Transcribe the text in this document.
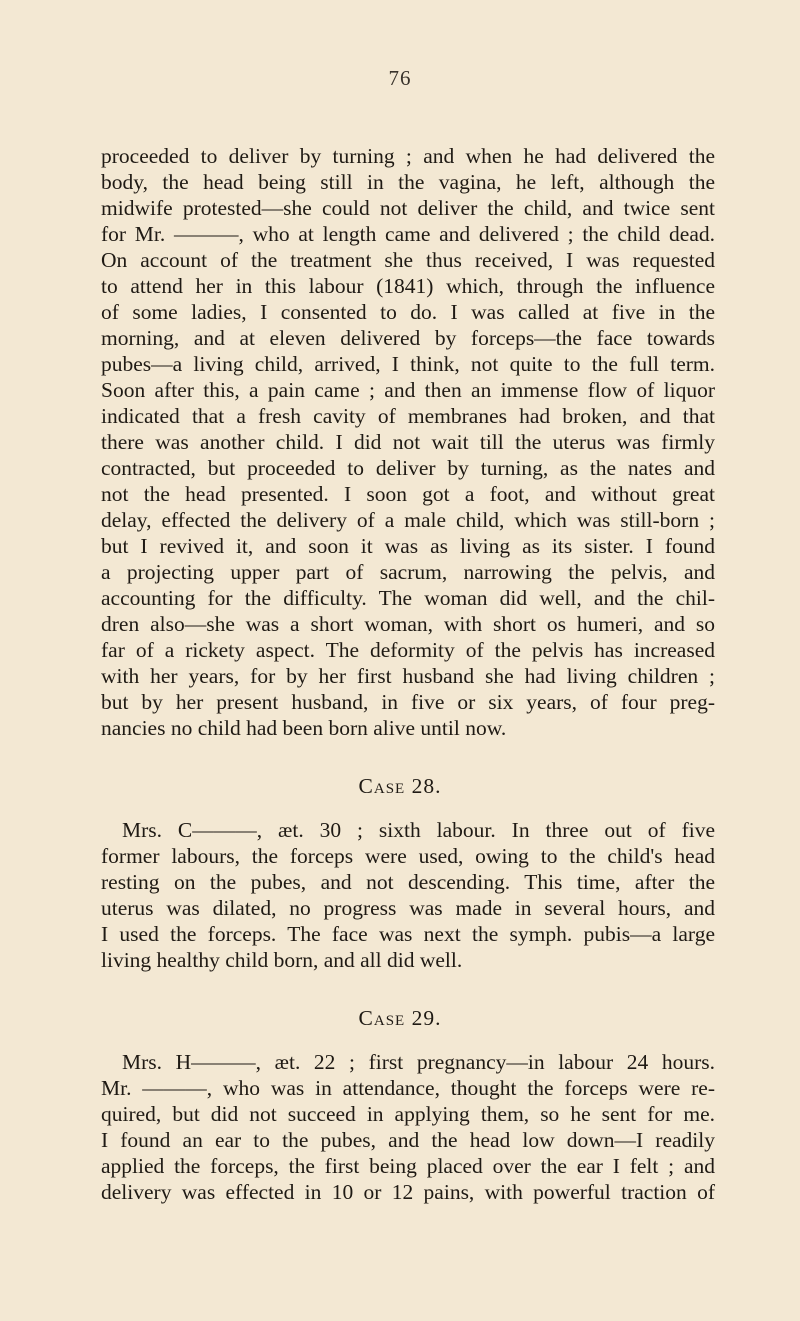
76
proceeded to deliver by turning ; and when he had delivered the
body, the head being still in the vagina, he left, although the
midwife protested—she could not deliver the child, and twice sent
for Mr. ———, who at length came and delivered ; the child dead.
On account of the treatment she thus received, I was requested
to attend her in this labour (1841) which, through the influence
of some ladies, I consented to do. I was called at five in the
morning, and at eleven delivered by forceps—the face towards
pubes—a living child, arrived, I think, not quite to the full term.
Soon after this, a pain came ; and then an immense flow of liquor
indicated that a fresh cavity of membranes had broken, and that
there was another child. I did not wait till the uterus was firmly
contracted, but proceeded to deliver by turning, as the nates and
not the head presented. I soon got a foot, and without great
delay, effected the delivery of a male child, which was still-born ;
but I revived it, and soon it was as living as its sister. I found
a projecting upper part of sacrum, narrowing the pelvis, and
accounting for the difficulty. The woman did well, and the chil-
dren also—she was a short woman, with short os humeri, and so
far of a rickety aspect. The deformity of the pelvis has increased
with her years, for by her first husband she had living children ;
but by her present husband, in five or six years, of four preg-
nancies no child had been born alive until now.
Case 28.
Mrs. C———, æt. 30 ; sixth labour. In three out of five
former labours, the forceps were used, owing to the child's head
resting on the pubes, and not descending. This time, after the
uterus was dilated, no progress was made in several hours, and
I used the forceps. The face was next the symph. pubis—a large
living healthy child born, and all did well.
Case 29.
Mrs. H———, æt. 22 ; first pregnancy—in labour 24 hours.
Mr. ———, who was in attendance, thought the forceps were re-
quired, but did not succeed in applying them, so he sent for me.
I found an ear to the pubes, and the head low down—I readily
applied the forceps, the first being placed over the ear I felt ; and
delivery was effected in 10 or 12 pains, with powerful traction of
